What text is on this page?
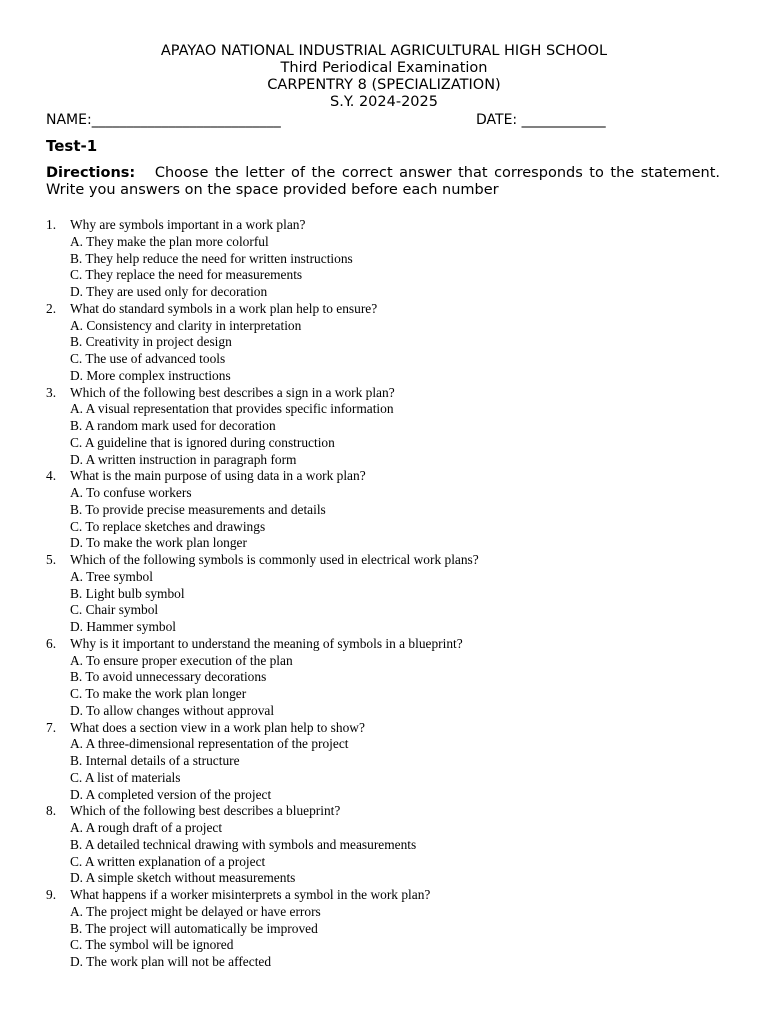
APAYAO NATIONAL INDUSTRIAL AGRICULTURAL HIGH SCHOOL
Third Periodical Examination
CARPENTRY 8 (SPECIALIZATION)
S.Y. 2024-2025
NAME:___________________________	DATE: ____________
Test-1
Directions: Choose the letter of the correct answer that corresponds to the statement. Write you answers on the space provided before each number
1. Why are symbols important in a work plan?
A. They make the plan more colorful
B. They help reduce the need for written instructions
C. They replace the need for measurements
D. They are used only for decoration
2. What do standard symbols in a work plan help to ensure?
A. Consistency and clarity in interpretation
B. Creativity in project design
C. The use of advanced tools
D. More complex instructions
3. Which of the following best describes a sign in a work plan?
A. A visual representation that provides specific information
B. A random mark used for decoration
C. A guideline that is ignored during construction
D. A written instruction in paragraph form
4. What is the main purpose of using data in a work plan?
A. To confuse workers
B. To provide precise measurements and details
C. To replace sketches and drawings
D. To make the work plan longer
5. Which of the following symbols is commonly used in electrical work plans?
A. Tree symbol
B. Light bulb symbol
C. Chair symbol
D. Hammer symbol
6. Why is it important to understand the meaning of symbols in a blueprint?
A. To ensure proper execution of the plan
B. To avoid unnecessary decorations
C. To make the work plan longer
D. To allow changes without approval
7. What does a section view in a work plan help to show?
A. A three-dimensional representation of the project
B. Internal details of a structure
C. A list of materials
D. A completed version of the project
8. Which of the following best describes a blueprint?
A. A rough draft of a project
B. A detailed technical drawing with symbols and measurements
C. A written explanation of a project
D. A simple sketch without measurements
9. What happens if a worker misinterprets a symbol in the work plan?
A. The project might be delayed or have errors
B. The project will automatically be improved
C. The symbol will be ignored
D. The work plan will not be affected
